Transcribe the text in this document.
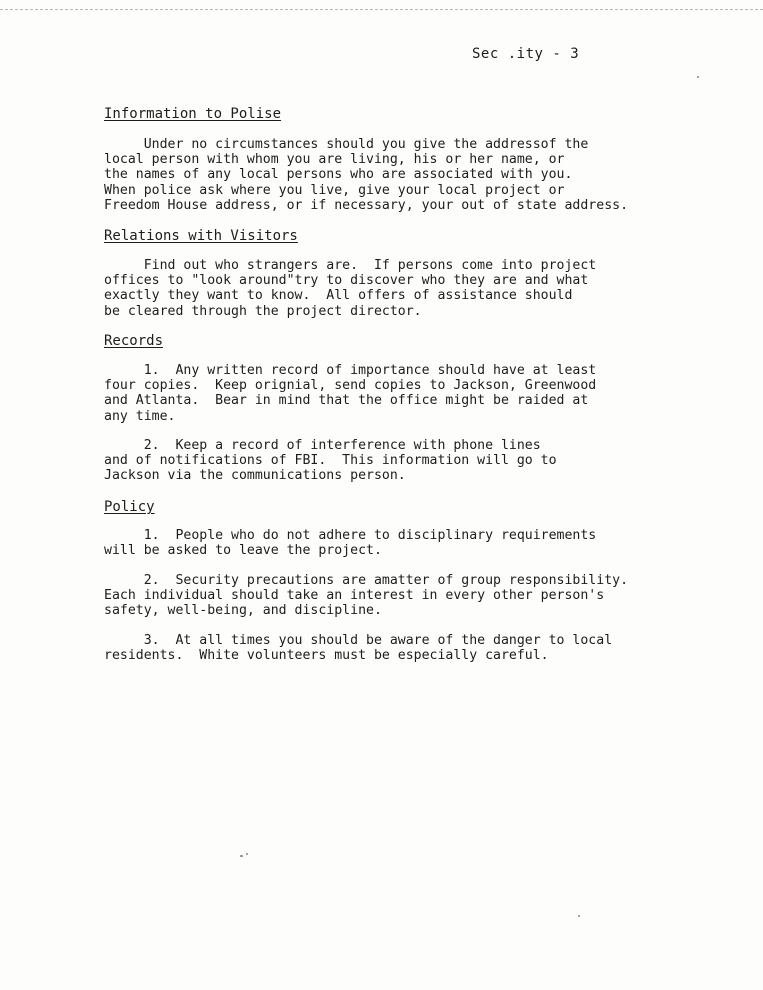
Sec .ity - 3
Information to Polise

Under no circumstances should you give the addressof the
local person with whom you are living, his or her name, or
the names of any local persons who are associated with you.
When police ask where you live, give your local project or
Freedom House address, or if necessary, your out of state address.

Relations with Visitors

Find out who strangers are.  If persons come into project
offices to "look around"try to discover who they are and what
exactly they want to know.  All offers of assistance should
be cleared through the project director.

Records

1.  Any written record of importance should have at least
four copies.  Keep orignial, send copies to Jackson, Greenwood
and Atlanta.  Bear in mind that the office might be raided at
any time.

2.  Keep a record of interference with phone lines
and of notifications of FBI.  This information will go to
Jackson via the communications person.

Policy

1.  People who do not adhere to disciplinary requirements
will be asked to leave the project.

2.  Security precautions are amatter of group responsibility.
Each individual should take an interest in every other person's
safety, well-being, and discipline.

3.  At all times you should be aware of the danger to local
residents.  White volunteers must be especially careful.
